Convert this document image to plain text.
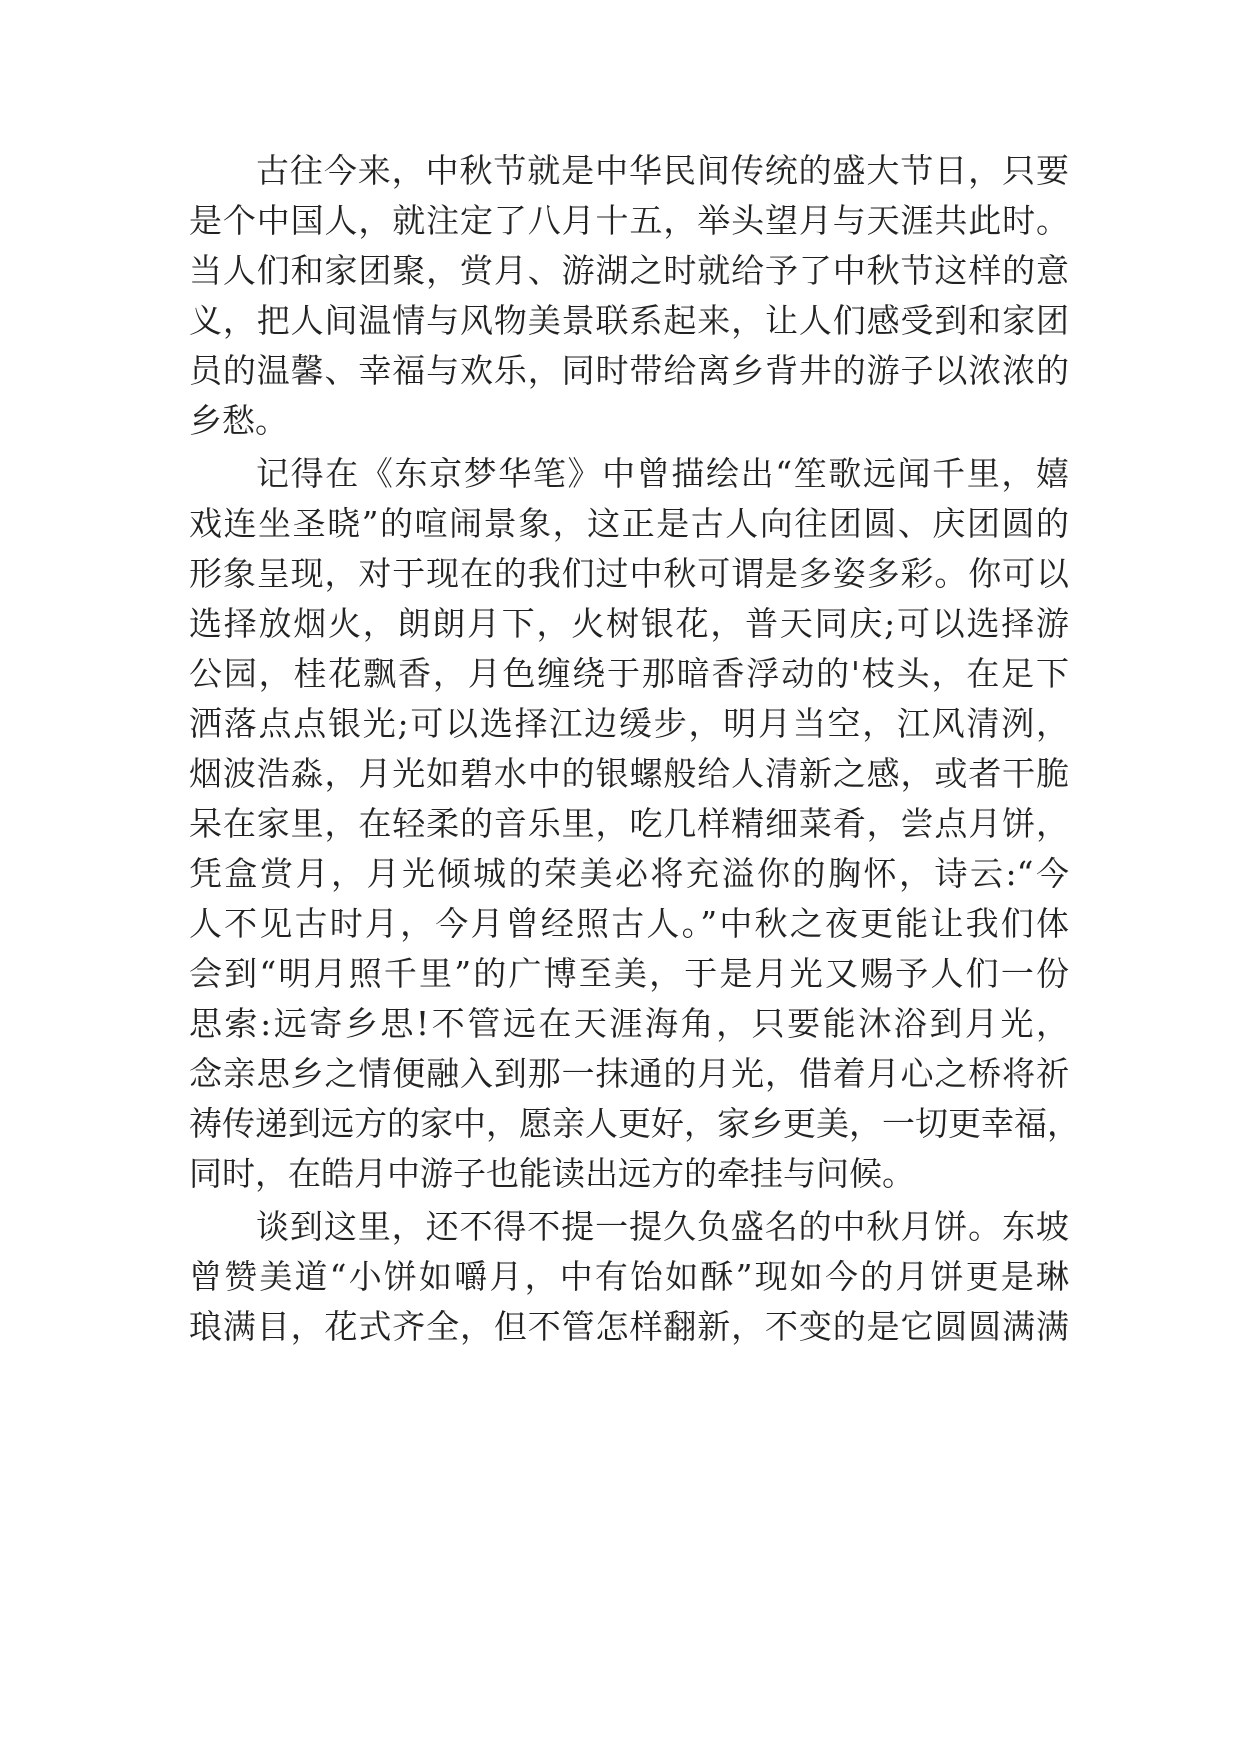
古往今来，中秋节就是中华民间传统的盛大节日，只要

是个中国人，就注定了八月十五，举头望月与天涯共此时。

当人们和家团聚，赏月、游湖之时就给予了中秋节这样的意

义，把人间温情与风物美景联系起来，让人们感受到和家团

员的温馨、幸福与欢乐，同时带给离乡背井的游子以浓浓的

乡愁。

记得在《东京梦华笔》中曾描绘出“笙歌远闻千里，嬉

戏连坐圣晓”的喧闹景象，这正是古人向往团圆、庆团圆的

形象呈现，对于现在的我们过中秋可谓是多姿多彩。你可以

选择放烟火，朗朗月下，火树银花，普天同庆;可以选择游

公园，桂花飘香，月色缠绕于那暗香浮动的'枝头，在足下

洒落点点银光;可以选择江边缓步，明月当空，江风清洌，

烟波浩淼，月光如碧水中的银螺般给人清新之感，或者干脆

呆在家里，在轻柔的音乐里，吃几样精细菜肴，尝点月饼，

凭盒赏月，月光倾城的荣美必将充溢你的胸怀，诗云:“今

人不见古时月，今月曾经照古人。”中秋之夜更能让我们体

会到“明月照千里”的广博至美，于是月光又赐予人们一份

思索:远寄乡思!不管远在天涯海角，只要能沐浴到月光，

念亲思乡之情便融入到那一抹通的月光，借着月心之桥将祈

祷传递到远方的家中，愿亲人更好，家乡更美，一切更幸福，

同时，在皓月中游子也能读出远方的牵挂与问候。

谈到这里，还不得不提一提久负盛名的中秋月饼。东坡

曾赞美道“小饼如嚼月，中有饴如酥”现如今的月饼更是琳

琅满目，花式齐全，但不管怎样翻新，不变的是它圆圆满满
